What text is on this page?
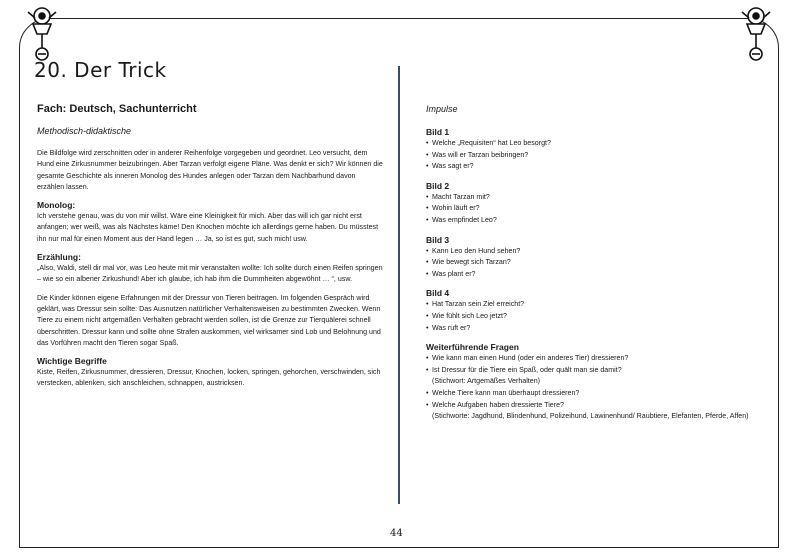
20. Der Trick
Fach: Deutsch, Sachunterricht
Methodisch-didaktische

Die Bildfolge wird zerschnitten oder in anderer Reihenfolge vorgegeben und geordnet. Leo versucht, dem Hund eine Zirkusnummer beizubringen. Aber Tarzan verfolgt eigene Pläne. Was denkt er sich? Wir können die gesamte Geschichte als inneren Monolog des Hundes anlegen oder Tarzan dem Nachbarhund davon erzählen lassen.

Monolog:

Ich verstehe genau, was du von mir willst. Wäre eine Kleinigkeit für mich. Aber das will ich gar nicht erst anfangen; wer weiß, was als Nächstes käme! Den Knochen möchte ich allerdings gerne haben. Du müsstest ihn nur mal für einen Moment aus der Hand legen … Ja, so ist es gut, such mich! usw.

Erzählung:

„Also, Waldi, stell dir mal vor, was Leo heute mit mir veranstalten wollte: Ich sollte durch einen Reifen springen – wie so ein albener Zirkushund! Aber ich glaube, ich hab ihm die Dummheiten abgewöhnt … “, usw.

Die Kinder können eigene Erfahrungen mit der Dressur von Tieren beitragen. Im folgenden Gespräch wird geklärt, was Dressur sein sollte: Das Ausnutzen natürlicher Verhaltensweisen zu bestimmten Zwecken. Wenn Tiere zu einem nicht artgemäßen Verhalten gebracht werden sollen, ist die Grenze zur Tierquälerei schnell überschritten. Dressur kann und sollte ohne Strafen auskommen, viel wirksamer sind Lob und Belohnung und das Vorführen macht den Tieren sogar Spaß.

Wichtige Begriffe

Kiste, Reifen, Zirkusnummer, dressieren, Dressur, Knochen, locken, springen, gehorchen, verschwinden, sich verstecken, ablenken, sich anschleichen, schnappen, austricksen.

Impulse
Bild 1
• Welche „Requisiten“ hat Leo besorgt?
• Was will er Tarzan beibringen?
• Was sagt er?
Bild 2
• Macht Tarzan mit?
• Wohin läuft er?
• Was empfindet Leo?
Bild 3
• Kann Leo den Hund sehen?
• Wie bewegt sich Tarzan?
• Was plant er?
Bild 4
• Hat Tarzan sein Ziel erreicht?
• Wie fühlt sich Leo jetzt?
• Was ruft er?
Weiterführende Fragen
• Wie kann man einen Hund (oder ein anderes Tier) dressieren?
• Ist Dressur für die Tiere ein Spaß, oder quält man sie damit?
(Stichwort: Artgemäßes Verhalten)
• Welche Tiere kann man überhaupt dressieren?
• Welche Aufgaben haben dressierte Tiere?
(Stichworte: Jagdhund, Blindenhund, Polizeihund, Lawinenhund/ Raubtiere, Elefanten, Pferde, Affen)
44
